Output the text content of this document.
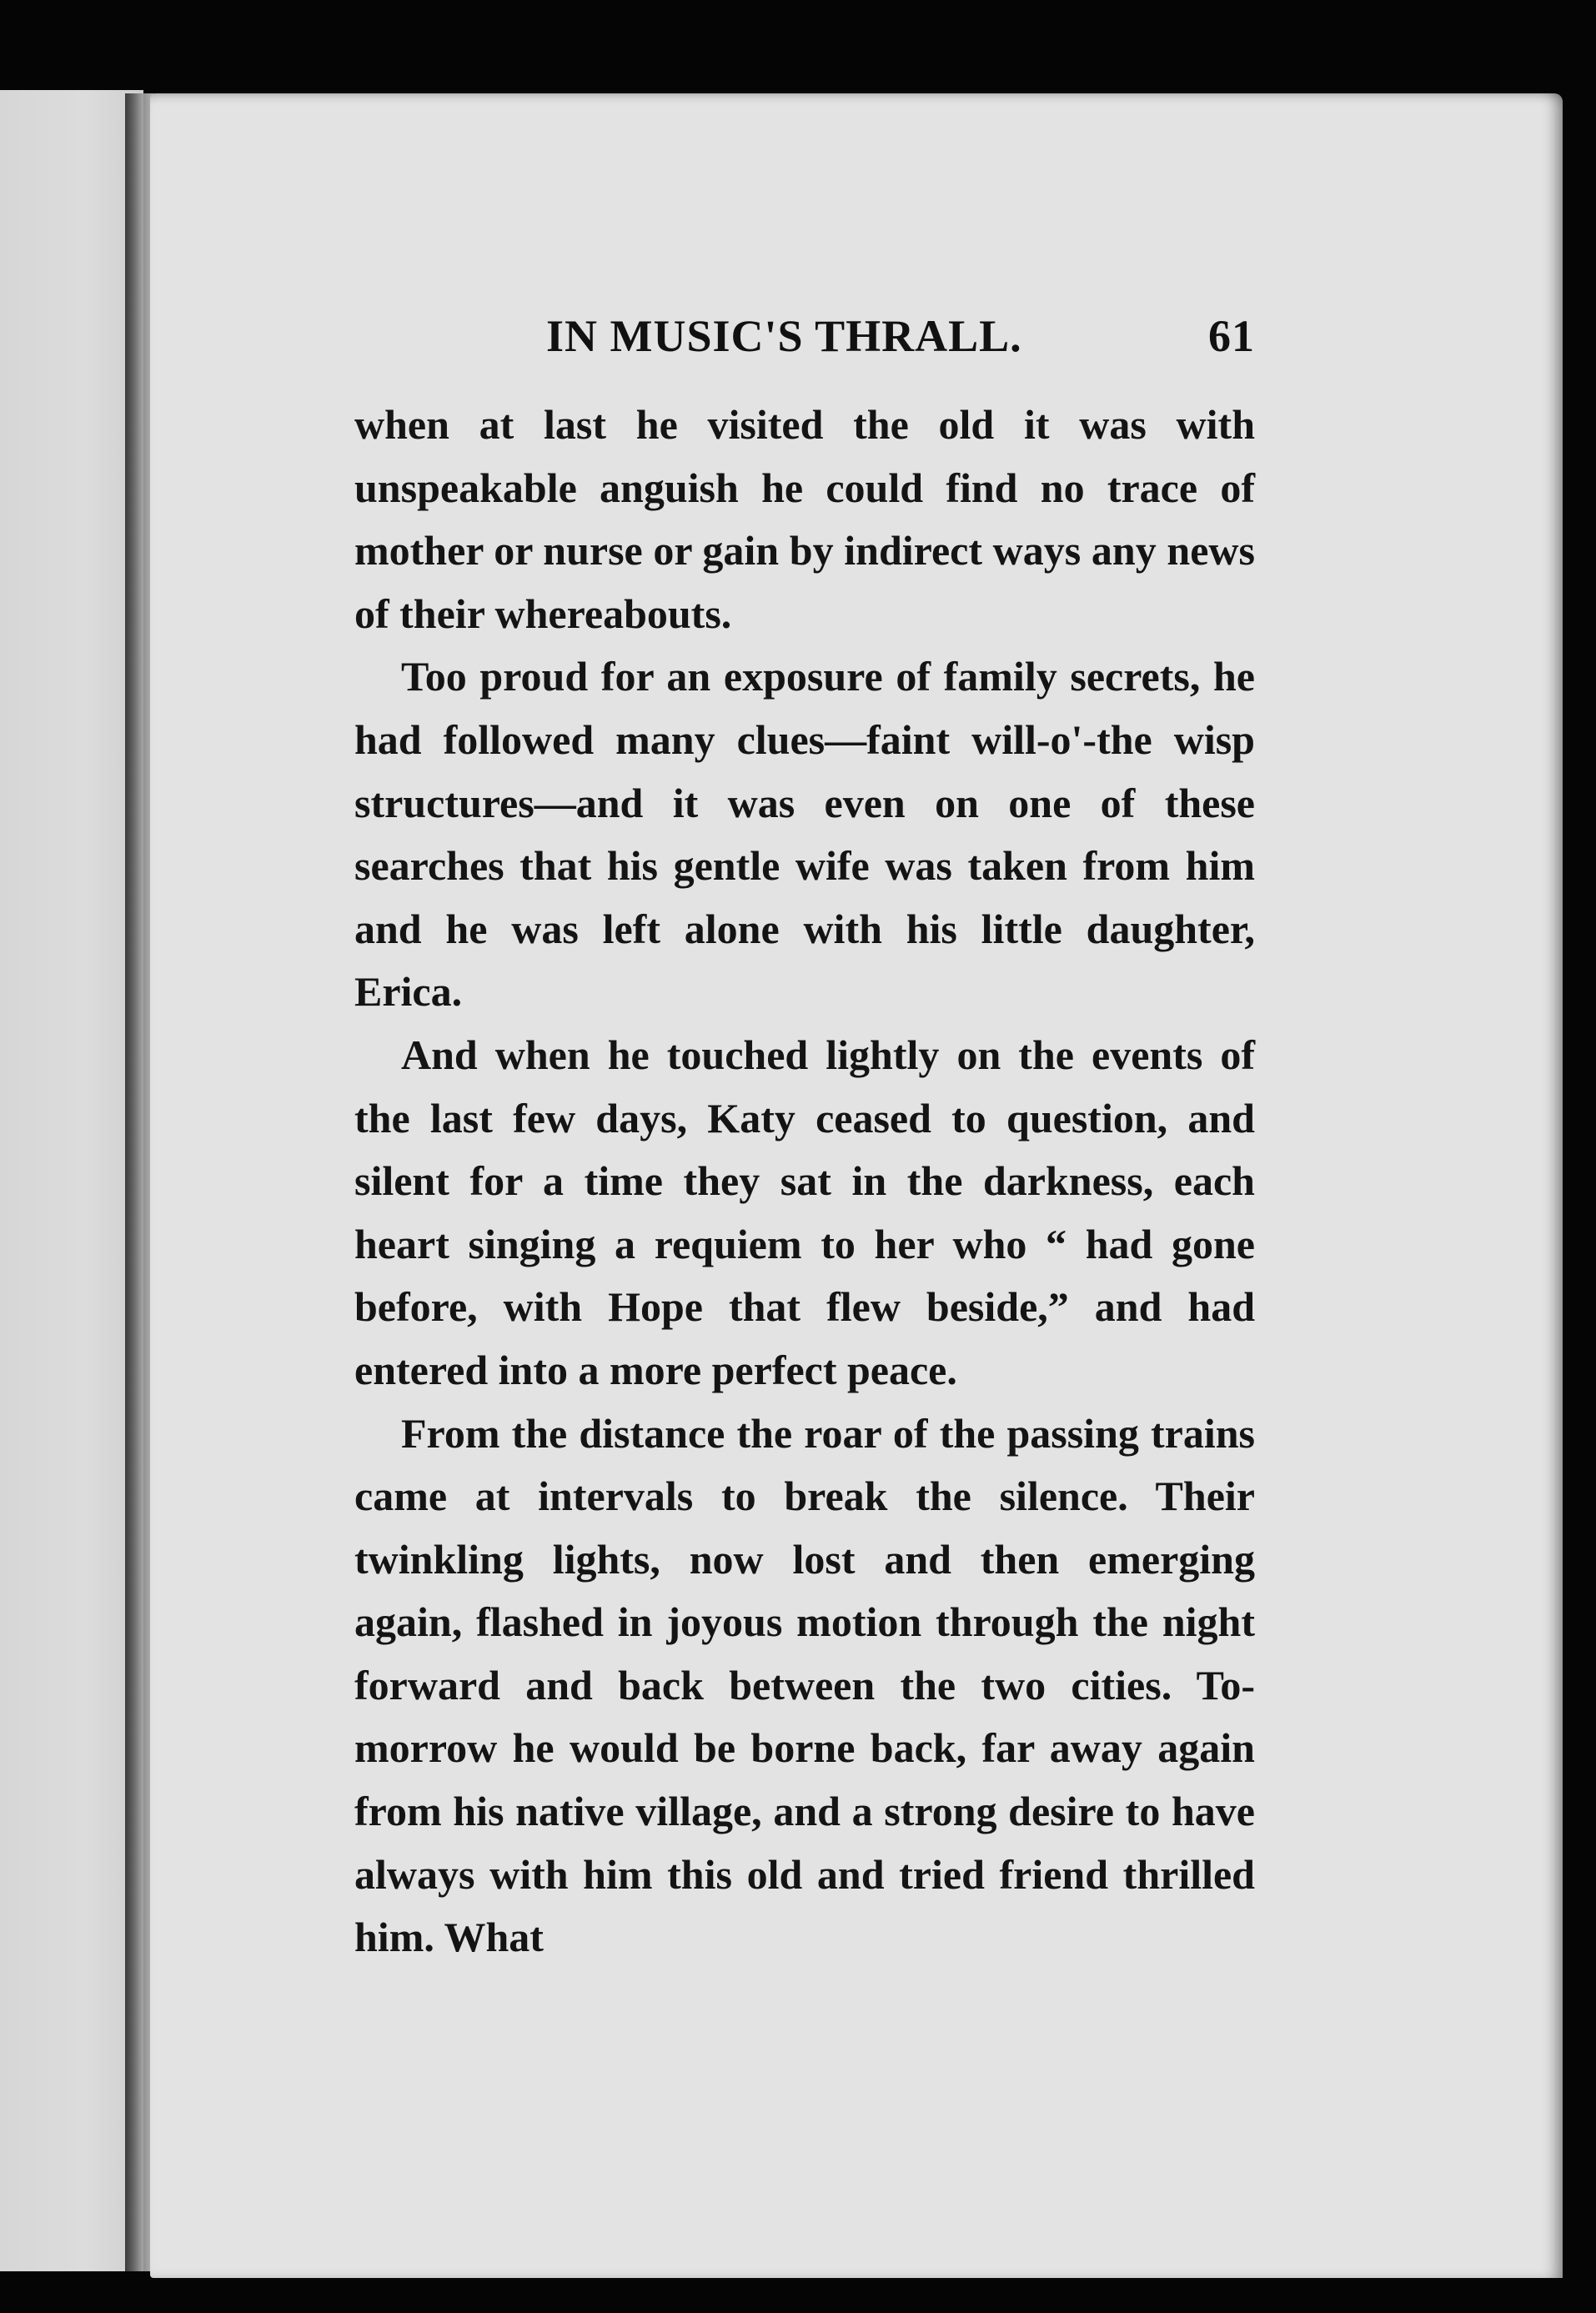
IN MUSIC'S THRALL.	61

when at last he visited the old it was with unspeakable anguish he could find no trace of mother or nurse or gain by indirect ways any news of their whereabouts.

Too proud for an exposure of family secrets, he had followed many clues—faint will-o'-the wisp structures—and it was even on one of these searches that his gentle wife was taken from him and he was left alone with his little daughter, Erica.

And when he touched lightly on the events of the last few days, Katy ceased to question, and silent for a time they sat in the darkness, each heart singing a requiem to her who “ had gone before, with Hope that flew beside,” and had entered into a more perfect peace.

From the distance the roar of the passing trains came at intervals to break the silence. Their twinkling lights, now lost and then emerging again, flashed in joyous motion through the night forward and back between the two cities. To-morrow he would be borne back, far away again from his native village, and a strong desire to have always with him this old and tried friend thrilled him. What
